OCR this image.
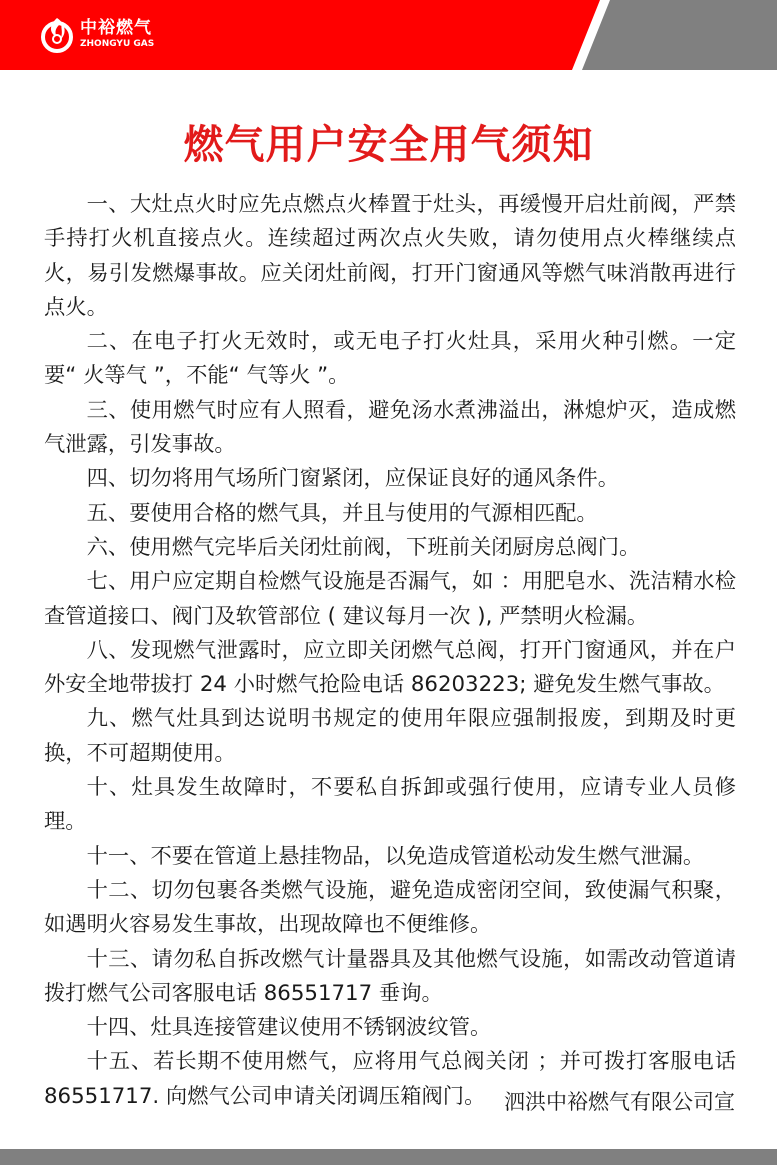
中裕燃气
ZHONGYU GAS
燃气用户安全用气须知

一、大灶点火时应先点燃点火棒置于灶头，再缓慢开启灶前阀，严禁手持打火机直接点火。连续超过两次点火失败，请勿使用点火棒继续点火，易引发燃爆事故。应关闭灶前阀，打开门窗通风等燃气味消散再进行点火。

二、在电子打火无效时，或无电子打火灶具，采用火种引燃。一定要“ 火等气 ”，不能“ 气等火 ”。

三、使用燃气时应有人照看，避免汤水煮沸溢出，淋熄炉灭，造成燃气泄露，引发事故。

四、切勿将用气场所门窗紧闭，应保证良好的通风条件。

五、要使用合格的燃气具，并且与使用的气源相匹配。

六、使用燃气完毕后关闭灶前阀，下班前关闭厨房总阀门。

七、用户应定期自检燃气设施是否漏气，如 ：用肥皂水、洗洁精水检查管道接口、阀门及软管部位 ( 建议每月一次 ), 严禁明火检漏。

八、发现燃气泄露时，应立即关闭燃气总阀，打开门窗通风，并在户外安全地带拔打 24 小时燃气抢险电话 86203223; 避免发生燃气事故。

九、燃气灶具到达说明书规定的使用年限应强制报废，到期及时更换，不可超期使用。

十、灶具发生故障时，不要私自拆卸或强行使用，应请专业人员修理。

十一、不要在管道上悬挂物品，以免造成管道松动发生燃气泄漏。

十二、切勿包裹各类燃气设施，避免造成密闭空间，致使漏气积聚，如遇明火容易发生事故，出现故障也不便维修。

十三、请勿私自拆改燃气计量器具及其他燃气设施，如需改动管道请拨打燃气公司客服电话 86551717 垂询。

十四、灶具连接管建议使用不锈钢波纹管。

十五、若长期不使用燃气，应将用气总阀关闭 ；并可拨打客服电话 86551717. 向燃气公司申请关闭调压箱阀门。 泗洪中裕燃气有限公司宣
